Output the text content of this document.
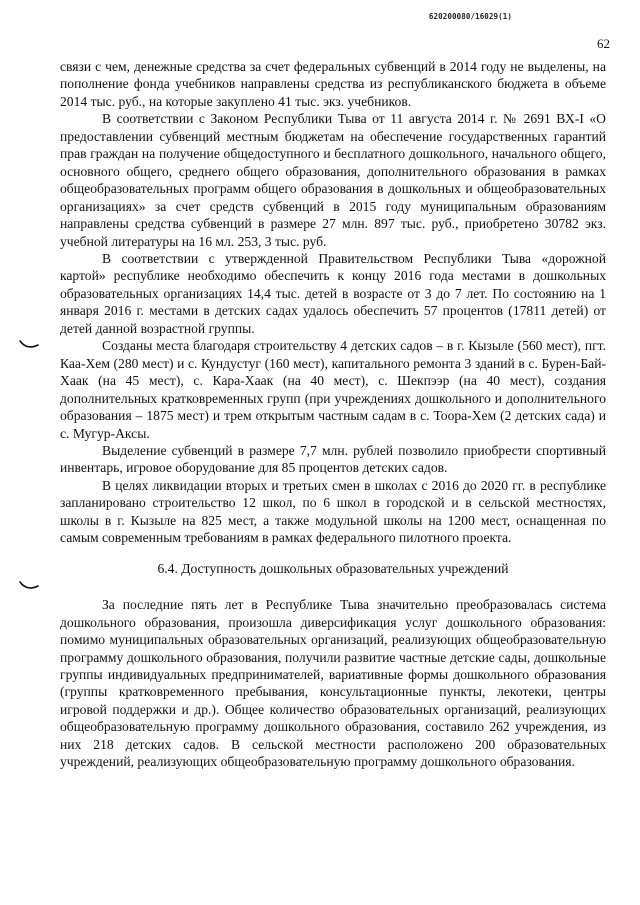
620200080/16029(1)
62

связи с чем, денежные средства за счет федеральных субвенций в 2014 году не выделены, на пополнение фонда учебников направлены средства из республиканского бюджета в объеме 2014 тыс. руб., на которые закуплено 41 тыс. экз. учебников.

В соответствии с Законом Республики Тыва от 11 августа 2014 г. № 2691 ВХ-I «О предоставлении субвенций местным бюджетам на обеспечение государственных гарантий прав граждан на получение общедоступного и бесплатного дошкольного, начального общего, основного общего, среднего общего образования, дополнительного образования в рамках общеобразовательных программ общего образования в дошкольных и общеобразовательных организациях» за счет средств субвенций в 2015 году муниципальным образованиям направлены средства субвенций в размере 27 млн. 897 тыс. руб., приобретено 30782 экз. учебной литературы на 16 мл. 253, 3 тыс. руб.

В соответствии с утвержденной Правительством Республики Тыва «дорожной картой» республике необходимо обеспечить к концу 2016 года местами в дошкольных образовательных организациях 14,4 тыс. детей в возрасте от 3 до 7 лет. По состоянию на 1 января 2016 г. местами в детских садах удалось обеспечить 57 процентов (17811 детей) от детей данной возрастной группы.

Созданы места благодаря строительству 4 детских садов – в г. Кызыле (560 мест), пгт. Каа-Хем (280 мест) и с. Кундустуг (160 мест), капитального ремонта 3 зданий в с. Бурен-Бай-Хаак (на 45 мест), с. Кара-Хаак (на 40 мест), с. Шекпээр (на 40 мест), создания дополнительных кратковременных групп (при учреждениях дошкольного и дополнительного образования – 1875 мест) и трем открытым частным садам в с. Тоора-Хем (2 детских сада) и с. Мугур-Аксы.

Выделение субвенций в размере 7,7 млн. рублей позволило приобрести спортивный инвентарь, игровое оборудование для 85 процентов детских садов.

В целях ликвидации вторых и третьих смен в школах с 2016 до 2020 гг. в республике запланировано строительство 12 школ, по 6 школ в городской и в сельской местностях, школы в г. Кызыле на 825 мест, а также модульной школы на 1200 мест, оснащенная по самым современным требованиям в рамках федерального пилотного проекта.

6.4. Доступность дошкольных образовательных учреждений

За последние пять лет в Республике Тыва значительно преобразовалась система дошкольного образования, произошла диверсификация услуг дошкольного образования: помимо муниципальных образовательных организаций, реализующих общеобразовательную программу дошкольного образования, получили развитие частные детские сады, дошкольные группы индивидуальных предпринимателей, вариативные формы дошкольного образования (группы кратковременного пребывания, консультационные пункты, лекотеки, центры игровой поддержки и др.). Общее количество образовательных организаций, реализующих общеобразовательную программу дошкольного образования, составило 262 учреждения, из них 218 детских садов. В сельской местности расположено 200 образовательных учреждений, реализующих общеобразовательную программу дошкольного образования.
